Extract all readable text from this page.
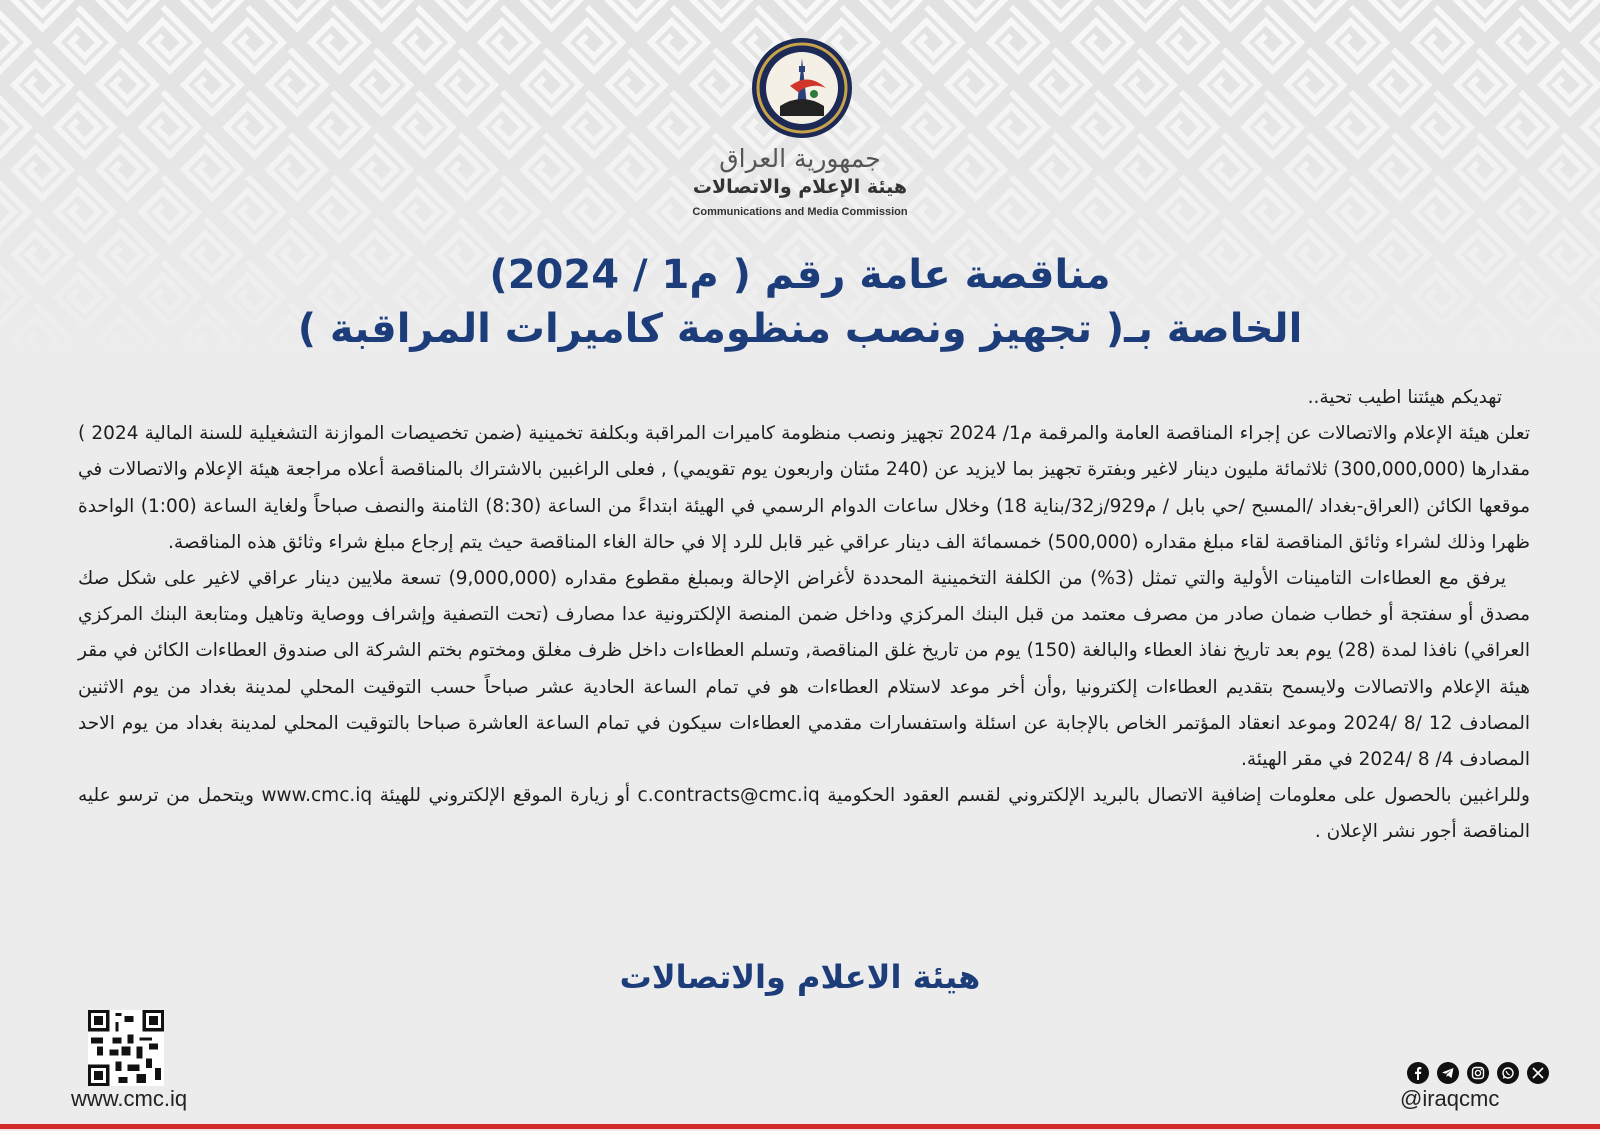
جمهورية العراق
هيئة الإعلام والاتصالات
Communications and Media Commission
مناقصة عامة رقم ( م1 / 2024)
الخاصة بـ( تجهيز ونصب منظومة كاميرات المراقبة )

تهديكم هيئتنا اطيب تحية..

تعلن هيئة الإعلام والاتصالات عن إجراء المناقصة العامة والمرقمة م1/ 2024 تجهيز ونصب منظومة كاميرات المراقبة وبكلفة تخمينية (ضمن تخصيصات الموازنة التشغيلية للسنة المالية 2024 ) مقدارها (300,000,000) ثلاثمائة مليون دينار لاغير وبفترة تجهيز بما لايزيد عن (240 مئتان واربعون يوم تقويمي) , فعلى الراغبين بالاشتراك بالمناقصة أعلاه مراجعة هيئة الإعلام والاتصالات في موقعها الكائن (العراق-بغداد /المسبح /حي بابل / م929/ز32/بناية 18) وخلال ساعات الدوام الرسمي في الهيئة ابتداءً من الساعة (8:30) الثامنة والنصف صباحاً ولغاية الساعة (1:00) الواحدة ظهرا وذلك لشراء وثائق المناقصة لقاء مبلغ مقداره (500,000) خمسمائة الف دينار عراقي غير قابل للرد إلا في حالة الغاء المناقصة حيث يتم إرجاع مبلغ شراء وثائق هذه المناقصة.

يرفق مع العطاءات التامينات الأولية والتي تمثل (3%) من الكلفة التخمينية المحددة لأغراض الإحالة وبمبلغ مقطوع مقداره (9,000,000) تسعة ملايين دينار عراقي لاغير على شكل صك مصدق أو سفتجة أو خطاب ضمان صادر من مصرف معتمد من قبل البنك المركزي وداخل ضمن المنصة الإلكترونية عدا مصارف (تحت التصفية وإشراف ووصاية وتاهيل ومتابعة البنك المركزي العراقي) نافذا لمدة (28) يوم بعد تاريخ نفاذ العطاء والبالغة (150) يوم من تاريخ غلق المناقصة, وتسلم العطاءات داخل ظرف مغلق ومختوم بختم الشركة الى صندوق العطاءات الكائن في مقر هيئة الإعلام والاتصالات ولايسمح بتقديم العطاءات إلكترونيا ,وأن أخر موعد لاستلام العطاءات هو في تمام الساعة الحادية عشر صباحاً حسب التوقيت المحلي لمدينة بغداد من يوم الاثنين المصادف 12 /8 /2024 وموعد انعقاد المؤتمر الخاص بالإجابة عن اسئلة واستفسارات مقدمي العطاءات سيكون في تمام الساعة العاشرة صباحا بالتوقيت المحلي لمدينة بغداد من يوم الاحد المصادف 4/ 8 /2024 في مقر الهيئة.

وللراغبين بالحصول على معلومات إضافية الاتصال بالبريد الإلكتروني لقسم العقود الحكومية c.contracts@cmc.iq أو زيارة الموقع الإلكتروني للهيئة www.cmc.iq ويتحمل من ترسو عليه المناقصة أجور نشر الإعلان .

هيئة الاعلام والاتصالات
www.cmc.iq

	@iraqcmc
